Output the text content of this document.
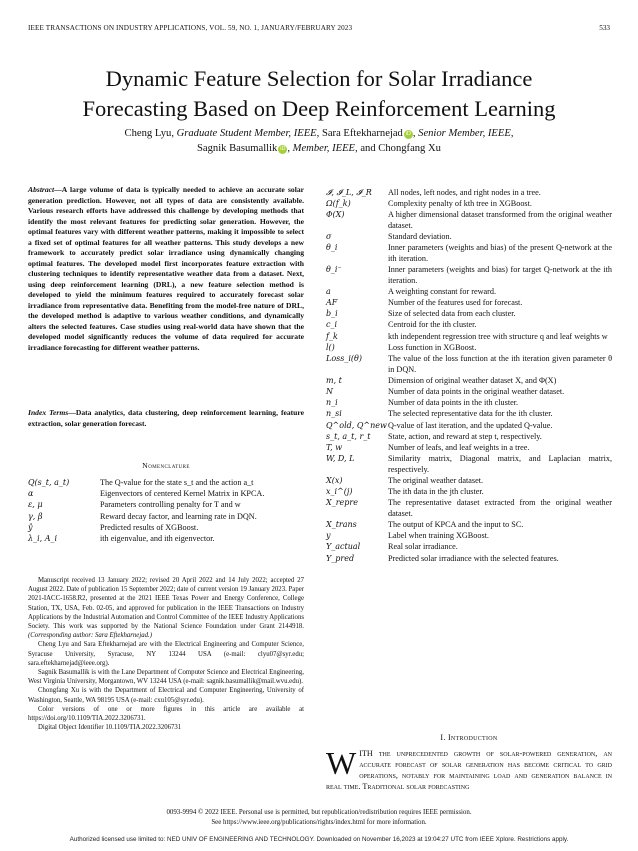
IEEE TRANSACTIONS ON INDUSTRY APPLICATIONS, VOL. 59, NO. 1, JANUARY/FEBRUARY 2023	533
Dynamic Feature Selection for Solar Irradiance
Forecasting Based on Deep Reinforcement Learning
Cheng Lyu, Graduate Student Member, IEEE, Sara Eftekharnejad iD , Senior Member, IEEE,
Sagnik Basumallik iD , Member, IEEE, and Chongfang Xu
Abstract—A large volume of data is typically needed to achieve an accurate solar generation prediction. However, not all types of data are consistently available. Various research efforts have addressed this challenge by developing methods that identify the most relevant features for predicting solar generation. However, the optimal features vary with different weather patterns, making it impossible to select a fixed set of optimal features for all weather patterns. This study develops a new framework to accurately predict solar irradiance using dynamically changing optimal features. The developed model first incorporates feature extraction with clustering techniques to identify representative weather data from a dataset. Next, using deep reinforcement learning (DRL), a new feature selection method is developed to yield the minimum features required to accurately forecast solar irradiance from representative data. Benefiting from the model-free nature of DRL, the developed method is adaptive to various weather conditions, and dynamically alters the selected features. Case studies using real-world data have shown that the developed model significantly reduces the volume of data required for accurate irradiance forecasting for different weather patterns.
Index Terms—Data analytics, data clustering, deep reinforcement learning, feature extraction, solar generation forecast.
Nomenclature
Q(s_t, a_t)	The Q-value for the state s_t and the action a_t
α	Eigenvectors of centered Kernel Matrix in KPCA.
ε, μ	Parameters controlling penalty for T and w
γ, β	Reward decay factor, and learning rate in DQN.
ŷ	Predicted results of XGBoost.
λ_i, A_i	ith eigenvalue, and ith eigenvector.
𝓘, 𝓘_L, 𝓘_R	All nodes, left nodes, and right nodes in a tree.
Ω(f_k)	Complexity penalty of kth tree in XGBoost.
Φ(X)	A higher dimensional dataset transformed from the original weather dataset.
σ	Standard deviation.
θ_i	Inner parameters (weights and bias) of the present Q-network at the ith iteration.
θ_i⁻	Inner parameters (weights and bias) for target Q-network at the ith iteration.
a	A weighting constant for reward.
AF	Number of the features used for forecast.
b_i	Size of selected data from each cluster.
c_i	Centroid for the ith cluster.
f_k	kth independent regression tree with structure q and leaf weights w
l()	Loss function in XGBoost.
Loss_i(θ)	The value of the loss function at the ith iteration given parameter θ in DQN.
m, t	Dimension of original weather dataset X, and Φ(X)
N	Number of data points in the original weather dataset.
n_i	Number of data points in the ith cluster.
n_si	The selected representative data for the ith cluster.
Q^old, Q^new Q-value of last iteration, and the updated Q-value.
s_t, a_t, r_t	State, action, and reward at step t, respectively.
T, w	Number of leafs, and leaf weights in a tree.
W, D, L	Similarity matrix, Diagonal matrix, and Laplacian matrix, respectively.
X(x)	The original weather dataset.
x_i^(j)	The ith data in the jth cluster.
X_repre	The representative dataset extracted from the original weather dataset.
X_trans	The output of KPCA and the input to SC.
y	Label when training XGBoost.
Y_actual	Real solar irradiance.
Y_pred	Predicted solar irradiance with the selected features.

Manuscript received 13 January 2022; revised 20 April 2022 and 14 July 2022; accepted 27 August 2022. Date of publication 15 September 2022; date of current version 19 January 2023. Paper 2021-IACC-1658.R2, presented at the 2021 IEEE Texas Power and Energy Conference, College Station, TX, USA, Feb. 02-05, and approved for publication in the IEEE Transactions on Industry Applications by the Industrial Automation and Control Committee of the IEEE Industry Applications Society. This work was supported by the National Science Foundation under Grant 2144918. (Corresponding author: Sara Eftekharnejad.)

Cheng Lyu and Sara Eftekharnejad are with the Electrical Engineering and Computer Science, Syracuse University, Syracuse, NY 13244 USA (e-mail: clyu07@syr.edu; sara.eftekharnejad@ieee.org).

Sagnik Basumallik is with the Lane Department of Computer Science and Electrical Engineering, West Virginia University, Morgantown, WV 13244 USA (e-mail: sagnik.basumallik@mail.wvu.edu).

Chongfang Xu is with the Department of Electrical and Computer Engineering, University of Washington, Seattle, WA 98195 USA (e-mail: cxu105@syr.edu).

Color versions of one or more figures in this article are available at https://doi.org/10.1109/TIA.2022.3206731.

Digital Object Identifier 10.1109/TIA.2022.3206731

I. Introduction
WITH the unprecedented growth of solar-powered generation, an accurate forecast of solar generation has become critical to grid operations, notably for maintaining load and generation balance in real time. Traditional solar forecasting
0093-9994 © 2022 IEEE. Personal use is permitted, but republication/redistribution requires IEEE permission.
See https://www.ieee.org/publications/rights/index.html for more information.
Authorized licensed use limited to: NED UNIV OF ENGINEERING AND TECHNOLOGY. Downloaded on November 16,2023 at 19:04:27 UTC from IEEE Xplore. Restrictions apply.
